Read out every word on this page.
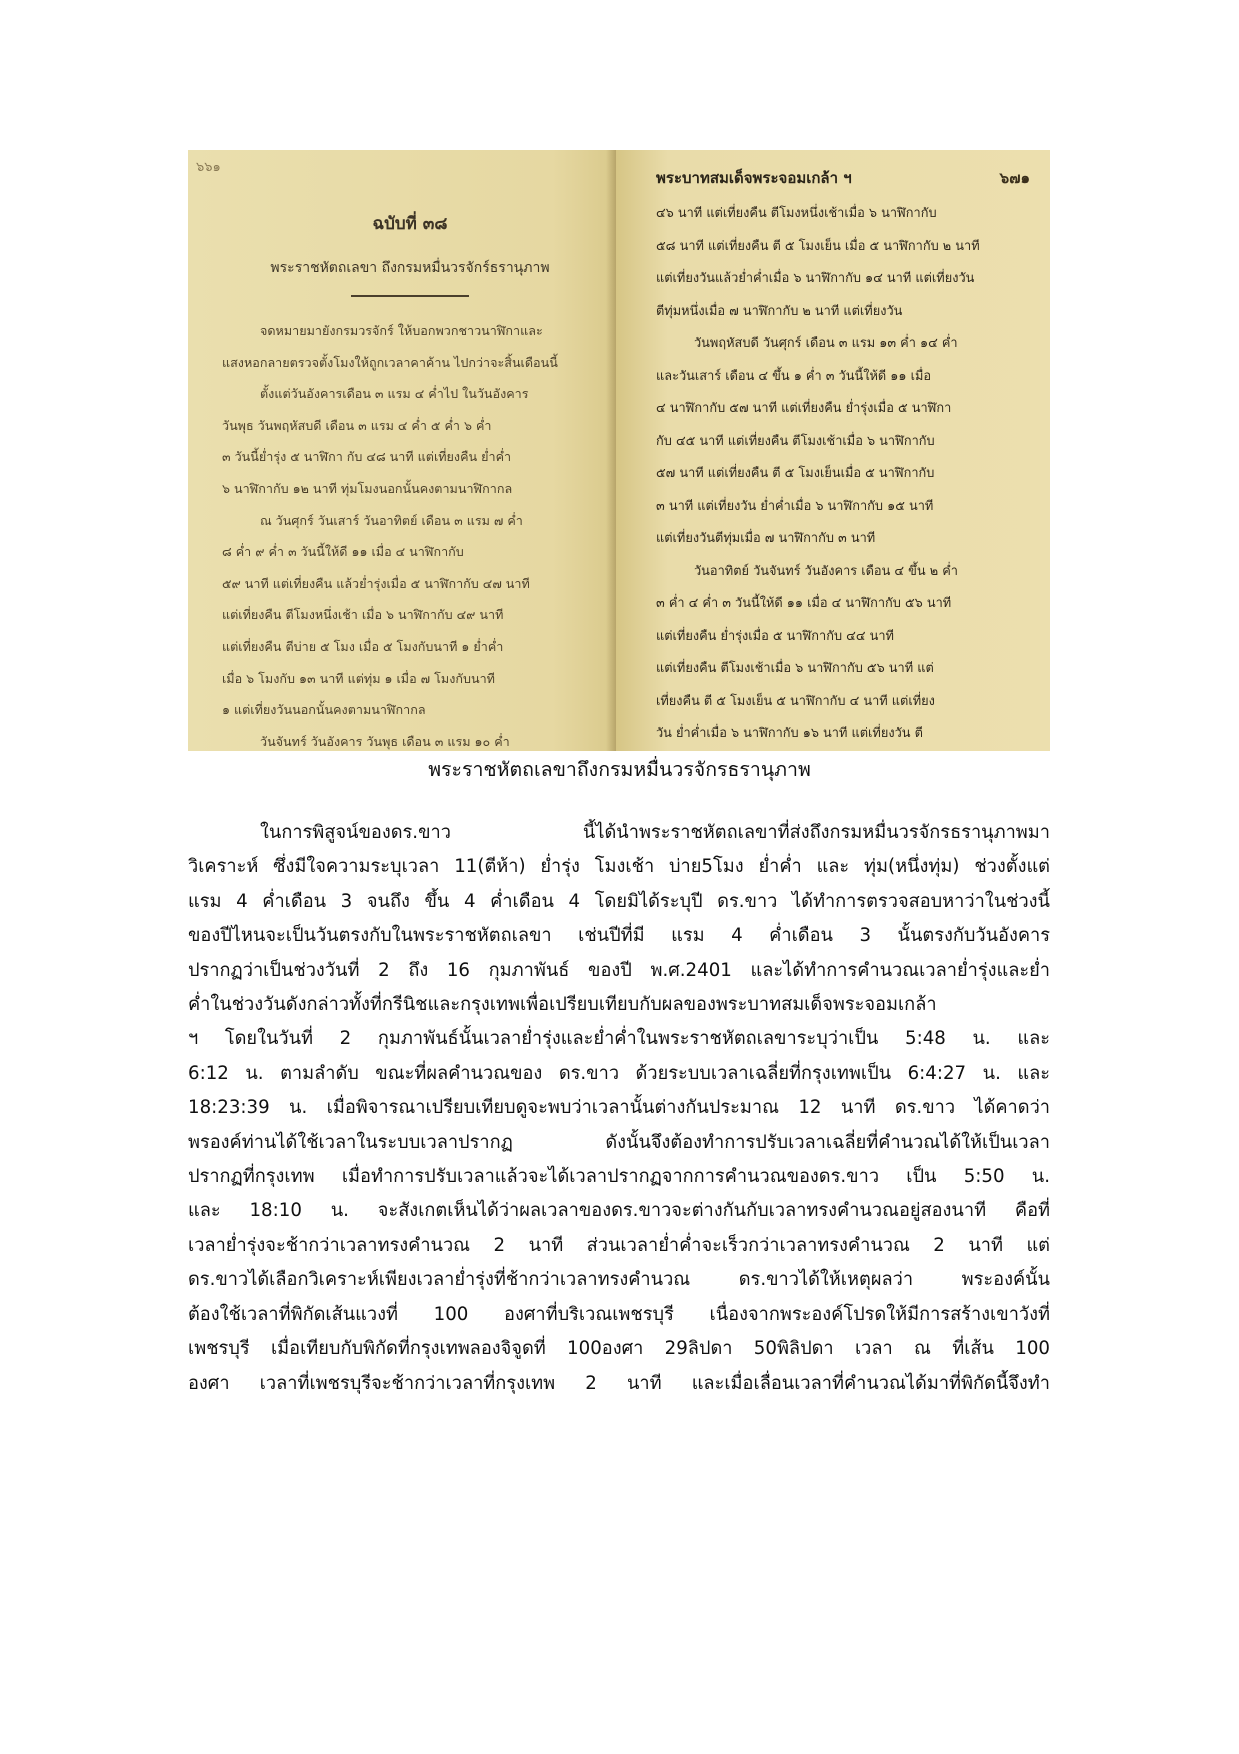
๖๖๑
ฉบับที่ ๓๘
พระราชหัตถเลขา ถึงกรมหมื่นวรจักร์ธรานุภาพ
จดหมายมายังกรมวรจักร์ ให้บอกพวกชาวนาฬิกาและ
แสงหอกลายตรวจตั้งโมงให้ถูกเวลาคาค้าน ไปกว่าจะสิ้นเดือนนี้
ตั้งแต่วันอังคารเดือน ๓ แรม ๔ ค่ำไป ในวันอังคาร
วันพุธ วันพฤหัสบดี เดือน ๓ แรม ๔ ค่ำ ๕ ค่ำ ๖ ค่ำ
๓ วันนี้ย่ำรุ่ง ๕ นาฬิกา กับ ๔๘ นาที แต่เที่ยงคืน ย่ำค่ำ
๖ นาฬิกากับ ๑๒ นาที ทุ่มโมงนอกนั้นคงตามนาฬิกากล
ณ วันศุกร์ วันเสาร์ วันอาทิตย์ เดือน ๓ แรม ๗ ค่ำ
๘ ค่ำ ๙ ค่ำ ๓ วันนี้ให้ดี ๑๑ เมื่อ ๔ นาฬิกากับ
๕๙ นาที แต่เที่ยงคืน แล้วย่ำรุ่งเมื่อ ๕ นาฬิกากับ ๔๗ นาที
แต่เที่ยงคืน ตีโมงหนึ่งเช้า เมื่อ ๖ นาฬิกากับ ๔๙ นาที
แต่เที่ยงคืน ตีบ่าย ๕ โมง เมื่อ ๕ โมงกับนาที ๑ ย่ำค่ำ
เมื่อ ๖ โมงกับ ๑๓ นาที แต่ทุ่ม ๑ เมื่อ ๗ โมงกับนาที
๑ แต่เที่ยงวันนอกนั้นคงตามนาฬิกากล
วันจันทร์ วันอังคาร วันพุธ เดือน ๓ แรม ๑๐ ค่ำ
๖๗๑
พระบาทสมเด็จพระจอมเกล้า ฯ
๔๖ นาที แต่เที่ยงคืน ตีโมงหนึ่งเช้าเมื่อ ๖ นาฬิกากับ
๕๘ นาที แต่เที่ยงคืน ตี ๕ โมงเย็น เมื่อ ๕ นาฬิกากับ ๒ นาที
แต่เที่ยงวันแล้วย่ำค่ำเมื่อ ๖ นาฬิกากับ ๑๔ นาที แต่เที่ยงวัน
ตีทุ่มหนึ่งเมื่อ ๗ นาฬิกากับ ๒ นาที แต่เที่ยงวัน
วันพฤหัสบดี วันศุกร์ เดือน ๓ แรม ๑๓ ค่ำ ๑๔ ค่ำ
และวันเสาร์ เดือน ๔ ขึ้น ๑ ค่ำ ๓ วันนี้ให้ดี ๑๑ เมื่อ
๔ นาฬิกากับ ๕๗ นาที แต่เที่ยงคืน ย่ำรุ่งเมื่อ ๕ นาฬิกา
กับ ๔๕ นาที แต่เที่ยงคืน ตีโมงเช้าเมื่อ ๖ นาฬิกากับ
๕๗ นาที แต่เที่ยงคืน ตี ๕ โมงเย็นเมื่อ ๕ นาฬิกากับ
๓ นาที แต่เที่ยงวัน ย่ำค่ำเมื่อ ๖ นาฬิกากับ ๑๕ นาที
แต่เที่ยงวันตีทุ่มเมื่อ ๗ นาฬิกากับ ๓ นาที
วันอาทิตย์ วันจันทร์ วันอังคาร เดือน ๔ ขึ้น ๒ ค่ำ
๓ ค่ำ ๔ ค่ำ ๓ วันนี้ให้ดี ๑๑ เมื่อ ๔ นาฬิกากับ ๕๖ นาที
แต่เที่ยงคืน ย่ำรุ่งเมื่อ ๕ นาฬิกากับ ๔๔ นาที
แต่เที่ยงคืน ตีโมงเช้าเมื่อ ๖ นาฬิกากับ ๕๖ นาที แต่
เที่ยงคืน ตี ๕ โมงเย็น ๕ นาฬิกากับ ๔ นาที แต่เที่ยง
วัน ย่ำค่ำเมื่อ ๖ นาฬิกากับ ๑๖ นาที แต่เที่ยงวัน ตี
พระราชหัตถเลขาถึงกรมหมื่นวรจักรธรานุภาพ
ในการพิสูจน์ของดร.ขาว นี้ได้นำพระราชหัตถเลขาที่ส่งถึงกรมหมื่นวรจักรธรานุภาพมา
วิเคราะห์ ซึ่งมีใจความระบุเวลา 11(ตีห้า) ย่ำรุ่ง โมงเช้า บ่าย5โมง ย่ำค่ำ และ ทุ่ม(หนึ่งทุ่ม) ช่วงตั้งแต่
แรม 4 ค่ำเดือน 3 จนถึง ขึ้น 4 ค่ำเดือน 4 โดยมิได้ระบุปี ดร.ขาว ได้ทำการตรวจสอบหาว่าในช่วงนี้
ของปีไหนจะเป็นวันตรงกับในพระราชหัตถเลขา เช่นปีที่มี แรม 4 ค่ำเดือน 3 นั้นตรงกับวันอังคาร
ปรากฏว่าเป็นช่วงวันที่ 2 ถึง 16 กุมภาพันธ์ ของปี พ.ศ.2401 และได้ทำการคำนวณเวลาย่ำรุ่งและย่ำ
ค่ำในช่วงวันดังกล่าวทั้งที่กรีนิชและกรุงเทพเพื่อเปรียบเทียบกับผลของพระบาทสมเด็จพระจอมเกล้า
ฯ โดยในวันที่ 2 กุมภาพันธ์นั้นเวลาย่ำรุ่งและย่ำค่ำในพระราชหัตถเลขาระบุว่าเป็น 5:48 น. และ
6:12 น. ตามลำดับ ขณะที่ผลคำนวณของ ดร.ขาว ด้วยระบบเวลาเฉลี่ยที่กรุงเทพเป็น 6:4:27 น. และ
18:23:39 น. เมื่อพิจารณาเปรียบเทียบดูจะพบว่าเวลานั้นต่างกันประมาณ 12 นาที ดร.ขาว ได้คาดว่า
พรองค์ท่านได้ใช้เวลาในระบบเวลาปรากฏ ดังนั้นจึงต้องทำการปรับเวลาเฉลี่ยที่คำนวณได้ให้เป็นเวลา
ปรากฏที่กรุงเทพ เมื่อทำการปรับเวลาแล้วจะได้เวลาปรากฏจากการคำนวณของดร.ขาว เป็น 5:50 น.
และ 18:10 น. จะสังเกตเห็นได้ว่าผลเวลาของดร.ขาวจะต่างกันกับเวลาทรงคำนวณอยู่สองนาที คือที่
เวลาย่ำรุ่งจะช้ากว่าเวลาทรงคำนวณ 2 นาที ส่วนเวลาย่ำค่ำจะเร็วกว่าเวลาทรงคำนวณ 2 นาที แต่
ดร.ขาวได้เลือกวิเคราะห์เพียงเวลาย่ำรุ่งที่ช้ากว่าเวลาทรงคำนวณ ดร.ขาวได้ให้เหตุผลว่า พระองค์นั้น
ต้องใช้เวลาที่พิกัดเส้นแวงที่ 100 องศาที่บริเวณเพชรบุรี เนื่องจากพระองค์โปรดให้มีการสร้างเขาวังที่
เพชรบุรี เมื่อเทียบกับพิกัดที่กรุงเทพลองจิจูดที่ 100องศา 29ลิปดา 50พิลิปดา เวลา ณ ที่เส้น 100
องศา เวลาที่เพชรบุรีจะช้ากว่าเวลาที่กรุงเทพ 2 นาที และเมื่อเลื่อนเวลาที่คำนวณได้มาที่พิกัดนี้จึงทำ
